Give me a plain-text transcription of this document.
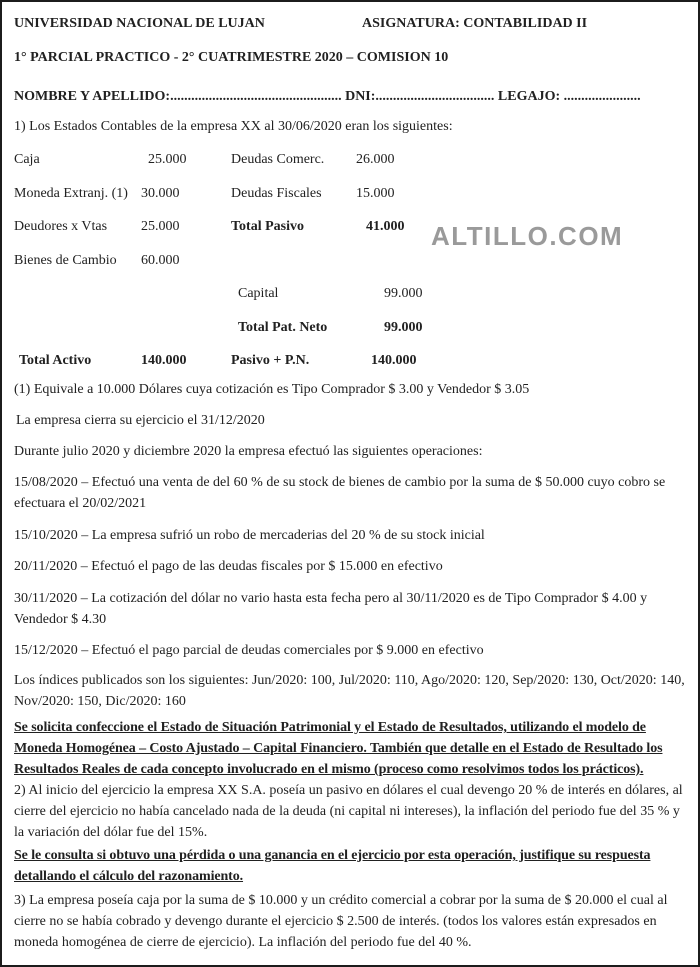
UNIVERSIDAD NACIONAL DE LUJAN	ASIGNATURA: CONTABILIDAD II

1° PARCIAL PRACTICO - 2° CUATRIMESTRE 2020 – COMISION 10

NOMBRE Y APELLIDO:................................................. DNI:.................................. LEGAJO: ......................

1) Los Estados Contables de la empresa XX al 30/06/2020 eran los siguientes:

Caja	25.000	Deudas Comerc.	26.000
Moneda Extranj. (1) 30.000	Deudas Fiscales	15.000
Deudores x Vtas	25.000	Total Pasivo	41.000
Bienes de Cambio	60.000
Capital	99.000
Total Pat. Neto	99.000
Total Activo	140.000	Pasivo + P.N.	140.000

(1) Equivale a 10.000 Dólares cuya cotización es Tipo Comprador $ 3.00 y Vendedor $ 3.05

La empresa cierra su ejercicio el 31/12/2020

Durante julio 2020 y diciembre 2020 la empresa efectuó las siguientes operaciones:

15/08/2020 – Efectuó una venta de del 60 % de su stock de bienes de cambio por la suma de $ 50.000 cuyo cobro se efectuara el 20/02/2021

15/10/2020 – La empresa sufrió un robo de mercaderias del 20 % de su stock inicial

20/11/2020 – Efectuó el pago de las deudas fiscales por $ 15.000 en efectivo

30/11/2020 – La cotización del dólar no vario hasta esta fecha pero al 30/11/2020 es de Tipo Comprador $ 4.00 y Vendedor $ 4.30

15/12/2020 – Efectuó el pago parcial de deudas comerciales por $ 9.000 en efectivo

Los índices publicados son los siguientes: Jun/2020: 100, Jul/2020: 110, Ago/2020: 120, Sep/2020: 130, Oct/2020: 140, Nov/2020: 150, Dic/2020: 160

Se solicita confeccione el Estado de Situación Patrimonial y el Estado de Resultados, utilizando el modelo de Moneda Homogénea – Costo Ajustado – Capital Financiero. También que detalle en el Estado de Resultado los Resultados Reales de cada concepto involucrado en el mismo (proceso como resolvimos todos los prácticos).

2) Al inicio del ejercicio la empresa XX S.A. poseía un pasivo en dólares el cual devengo 20 % de interés en dólares, al cierre del ejercicio no había cancelado nada de la deuda (ni capital ni intereses), la inflación del periodo fue del 35 % y la variación del dólar fue del 15%.

Se le consulta si obtuvo una pérdida o una ganancia en el ejercicio por esta operación, justifique su respuesta detallando el cálculo del razonamiento.

3) La empresa poseía caja por la suma de $ 10.000 y un crédito comercial a cobrar por la suma de $ 20.000 el cual al cierre no se había cobrado y devengo durante el ejercicio $ 2.500 de interés. (todos los valores están expresados en moneda homogénea de cierre de ejercicio). La inflación del periodo fue del 40 %.

ALTILLO.COM
